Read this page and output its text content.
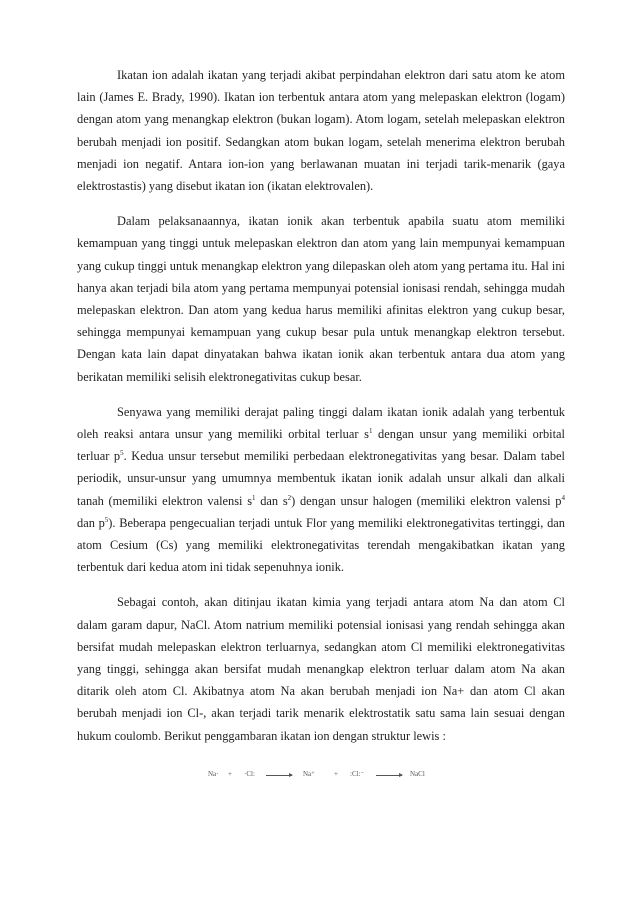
Ikatan ion adalah ikatan yang terjadi akibat perpindahan elektron dari satu atom ke atom lain (James E. Brady, 1990). Ikatan ion terbentuk antara atom yang melepaskan elektron (logam) dengan atom yang menangkap elektron (bukan logam). Atom logam, setelah melepaskan elektron berubah menjadi ion positif. Sedangkan atom bukan logam, setelah menerima elektron berubah menjadi ion negatif. Antara ion-ion yang berlawanan muatan ini terjadi tarik-menarik (gaya elektrostastis) yang disebut ikatan ion (ikatan elektrovalen).

Dalam pelaksanaannya, ikatan ionik akan terbentuk apabila suatu atom memiliki kemampuan yang tinggi untuk melepaskan elektron dan atom yang lain mempunyai kemampuan yang cukup tinggi untuk menangkap elektron yang dilepaskan oleh atom yang pertama itu. Hal ini hanya akan terjadi bila atom yang pertama mempunyai potensial ionisasi rendah, sehingga mudah melepaskan elektron. Dan atom yang kedua harus memiliki afinitas elektron yang cukup besar, sehingga mempunyai kemampuan yang cukup besar pula untuk menangkap elektron tersebut. Dengan kata lain dapat dinyatakan bahwa ikatan ionik akan terbentuk antara dua atom yang berikatan memiliki selisih elektronegativitas cukup besar.

Senyawa yang memiliki derajat paling tinggi dalam ikatan ionik adalah yang terbentuk oleh reaksi antara unsur yang memiliki orbital terluar $s^1$ dengan unsur yang memiliki orbital terluar $p^5$. Kedua unsur tersebut memiliki perbedaan elektronegativitas yang besar. Dalam tabel periodik, unsur-unsur yang umumnya membentuk ikatan ionik adalah unsur alkali dan alkali tanah (memiliki elektron valensi $s^1$ dan $s^2$) dengan unsur halogen (memiliki elektron valensi $p^4$ dan $p^5$). Beberapa pengecualian terjadi untuk Flor yang memiliki elektronegativitas tertinggi, dan atom Cesium (Cs) yang memiliki elektronegativitas terendah mengakibatkan ikatan yang terbentuk dari kedua atom ini tidak sepenuhnya ionik.

Sebagai contoh, akan ditinjau ikatan kimia yang terjadi antara atom Na dan atom Cl dalam garam dapur, NaCl. Atom natrium memiliki potensial ionisasi yang rendah sehingga akan bersifat mudah melepaskan elektron terluarnya, sedangkan atom Cl memiliki elektronegativitas yang tinggi, sehingga akan bersifat mudah menangkap elektron terluar dalam atom Na akan ditarik oleh atom Cl. Akibatnya atom Na akan berubah menjadi ion Na+ dan atom Cl akan berubah menjadi ion Cl-, akan terjadi tarik menarik elektrostatik satu sama lain sesuai dengan hukum coulomb. Berikut penggambaran ikatan ion dengan struktur lewis :

Na· + ·Cl:	Na⁺	+ :Cl:⁻ → NaCl
